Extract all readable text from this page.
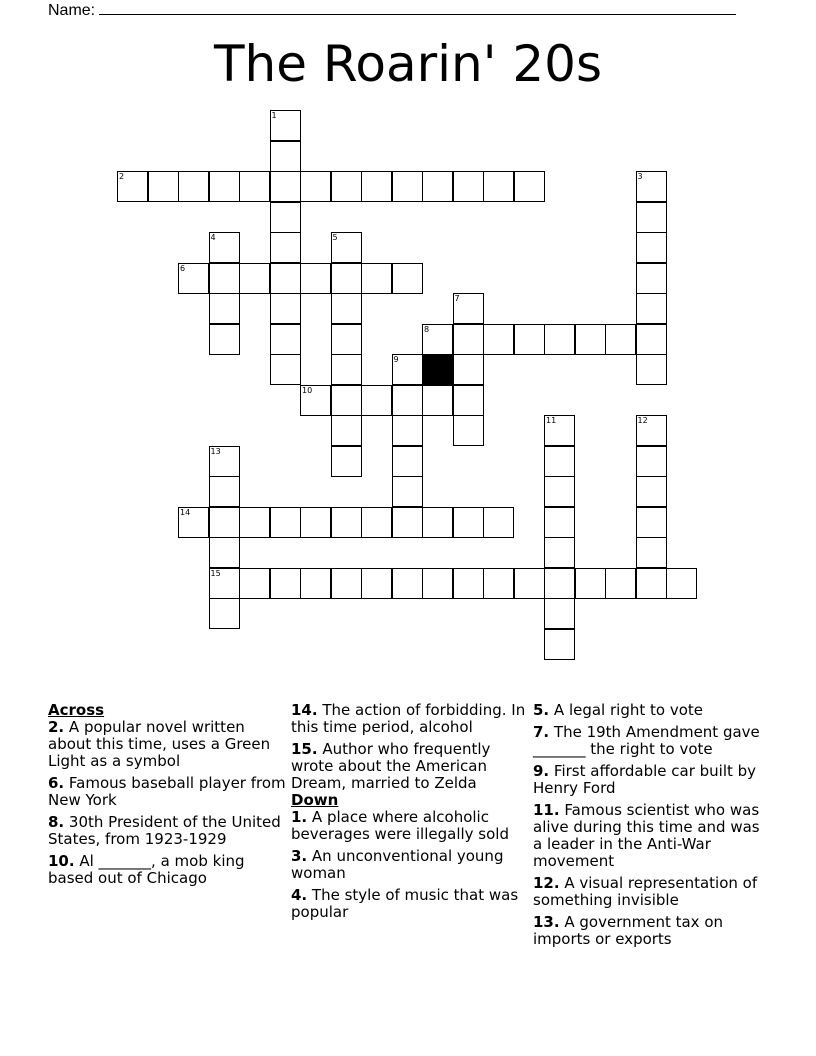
Name:
The Roarin' 20s
1
2	3
4	5
6
7
8
9
10
11	12
13
14
15
Across
2. A popular novel written about this time, uses a Green Light as a symbol
6. Famous baseball player from New York
8. 30th President of the United States, from 1923-1929
10. Al _______, a mob king based out of Chicago
14. The action of forbidding. In this time period, alcohol
15. Author who frequently wrote about the American Dream, married to Zelda
Down
1. A place where alcoholic beverages were illegally sold
3. An unconventional young woman
4. The style of music that was popular
5. A legal right to vote
7. The 19th Amendment gave _______ the right to vote
9. First affordable car built by Henry Ford
11. Famous scientist who was alive during this time and was a leader in the Anti-War movement
12. A visual representation of something invisible
13. A government tax on imports or exports
